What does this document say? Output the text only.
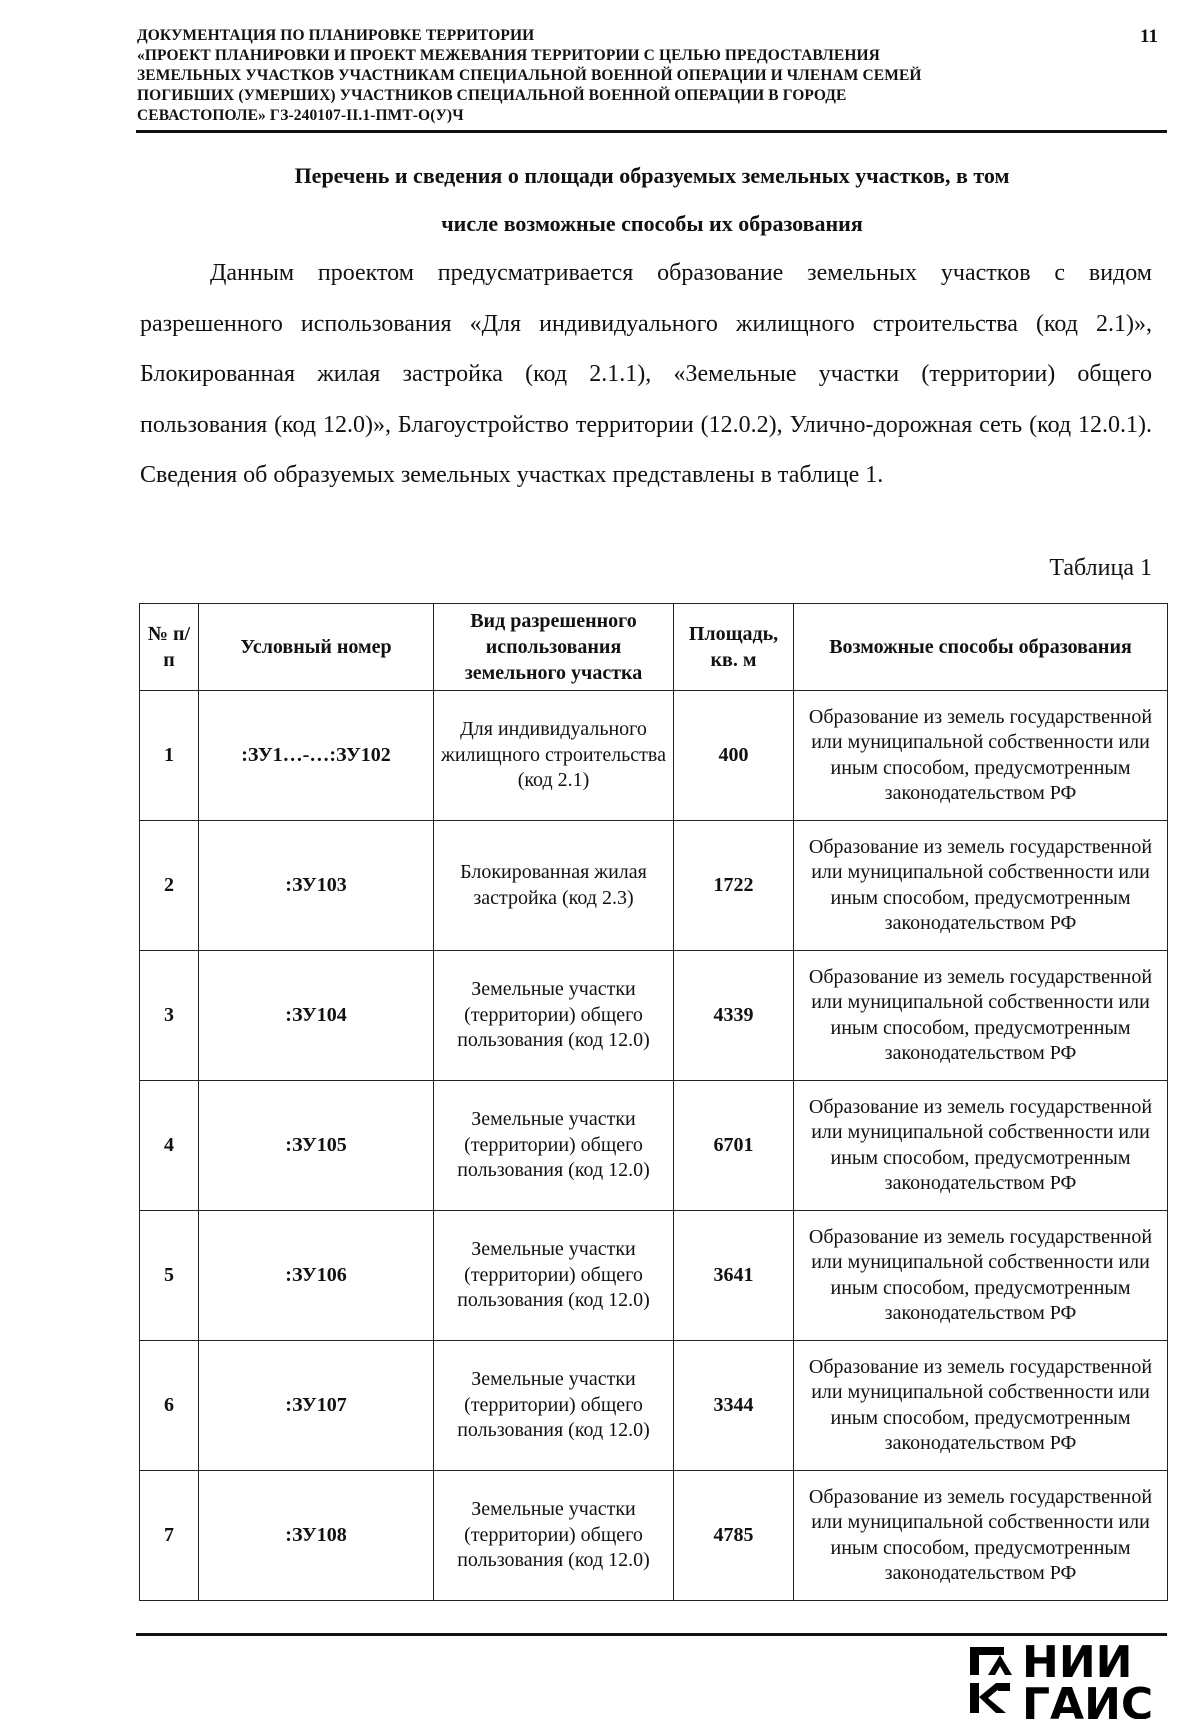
ДОКУМЕНТАЦИЯ ПО ПЛАНИРОВКЕ ТЕРРИТОРИИ
«ПРОЕКТ ПЛАНИРОВКИ И ПРОЕКТ МЕЖЕВАНИЯ ТЕРРИТОРИИ С ЦЕЛЬЮ ПРЕДОСТАВЛЕНИЯ
ЗЕМЕЛЬНЫХ УЧАСТКОВ УЧАСТНИКАМ СПЕЦИАЛЬНОЙ ВОЕННОЙ ОПЕРАЦИИ И ЧЛЕНАМ СЕМЕЙ
ПОГИБШИХ (УМЕРШИХ) УЧАСТНИКОВ СПЕЦИАЛЬНОЙ ВОЕННОЙ ОПЕРАЦИИ В ГОРОДЕ
СЕВАСТОПОЛЕ» ГЗ-240107-II.1-ПМТ-О(У)Ч
11
Перечень и сведения о площади образуемых земельных участков, в том
числе возможные способы их образования
Данным проектом предусматривается образование земельных участков с видом разрешенного использования «Для индивидуального жилищного строительства (код 2.1)», Блокированная жилая застройка (код 2.1.1), «Земельные участки (территории) общего пользования (код 12.0)», Благоустройство территории (12.0.2), Улично-дорожная сеть (код 12.0.1). Сведения об образуемых земельных участках представлены в таблице 1.
Таблица 1
№ п/п	Условный номер	Вид разрешенного использования земельного участка	Площадь, кв. м	Возможные способы образования
1	:ЗУ1…-…:ЗУ102	Для индивидуального жилищного строительства (код 2.1)	400	Образование из земель государственной или муниципальной собственности или иным способом, предусмотренным законодательством РФ
2	:ЗУ103	Блокированная жилая застройка (код 2.3)	1722	Образование из земель государственной или муниципальной собственности или иным способом, предусмотренным законодательством РФ
3	:ЗУ104	Земельные участки (территории) общего пользования (код 12.0)	4339	Образование из земель государственной или муниципальной собственности или иным способом, предусмотренным законодательством РФ
4	:ЗУ105	Земельные участки (территории) общего пользования (код 12.0)	6701	Образование из земель государственной или муниципальной собственности или иным способом, предусмотренным законодательством РФ
5	:ЗУ106	Земельные участки (территории) общего пользования (код 12.0)	3641	Образование из земель государственной или муниципальной собственности или иным способом, предусмотренным законодательством РФ
6	:ЗУ107	Земельные участки (территории) общего пользования (код 12.0)	3344	Образование из земель государственной или муниципальной собственности или иным способом, предусмотренным законодательством РФ
7	:ЗУ108	Земельные участки (территории) общего пользования (код 12.0)	4785	Образование из земель государственной или муниципальной собственности или иным способом, предусмотренным законодательством РФ
НИИ
ГАИС
